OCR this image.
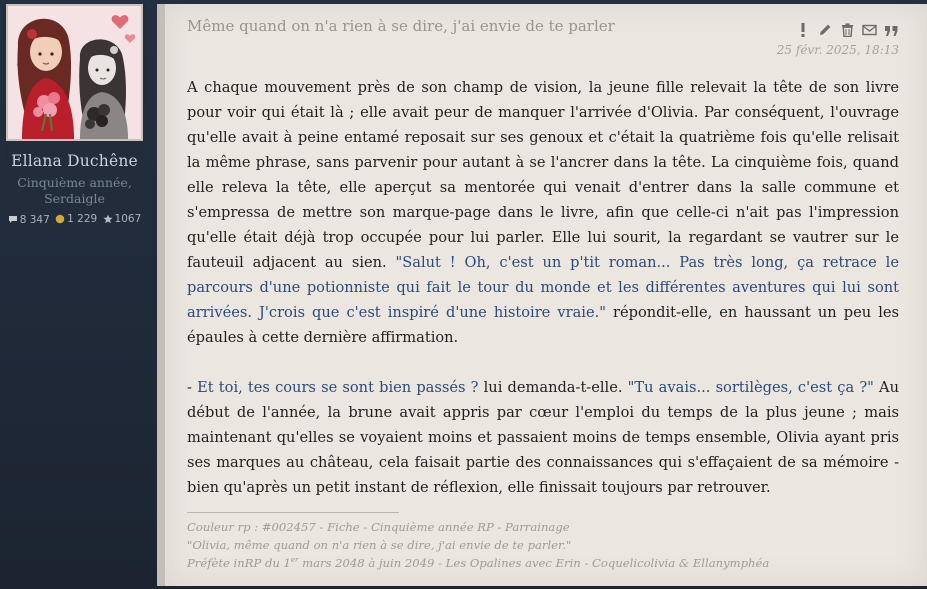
Ellana Duchêne
Cinquième année,
Serdaigle
8 347
1 229
1067
Même quand on n'a rien à se dire, j'ai envie de te parler
25 févr. 2025, 18:13

A chaque mouvement près de son champ de vision, la jeune fille relevait la tête de son livre pour voir qui était là ; elle avait peur de manquer l'arrivée d'Olivia. Par conséquent, l'ouvrage qu'elle avait à peine entamé reposait sur ses genoux et c'était la quatrième fois qu'elle relisait la même phrase, sans parvenir pour autant à se l'ancrer dans la tête. La cinquième fois, quand elle releva la tête, elle aperçut sa mentorée qui venait d'entrer dans la salle commune et s'empressa de mettre son marque-page dans le livre, afin que celle-ci n'ait pas l'impression qu'elle était déjà trop occupée pour lui parler. Elle lui sourit, la regardant se vautrer sur le fauteuil adjacent au sien. "Salut ! Oh, c'est un p'tit roman... Pas très long, ça retrace le parcours d'une potionniste qui fait le tour du monde et les différentes aventures qui lui sont arrivées. J'crois que c'est inspiré d'une histoire vraie." répondit-elle, en haussant un peu les épaules à cette dernière affirmation.

- Et toi, tes cours se sont bien passés ? lui demanda-t-elle. "Tu avais... sortilèges, c'est ça ?" Au début de l'année, la brune avait appris par cœur l'emploi du temps de la plus jeune ; mais maintenant qu'elles se voyaient moins et passaient moins de temps ensemble, Olivia ayant pris ses marques au château, cela faisait partie des connaissances qui s'effaçaient de sa mémoire - bien qu'après un petit instant de réflexion, elle finissait toujours par retrouver.

Couleur rp : #002457 - Fiche - Cinquième année RP - Parrainage
"Olivia, même quand on n'a rien à se dire, j'ai envie de te parler."
Préfète inRP du 1er mars 2048 à juin 2049 - Les Opalines avec Erin - Coquelicolivia & Ellanymphéa
